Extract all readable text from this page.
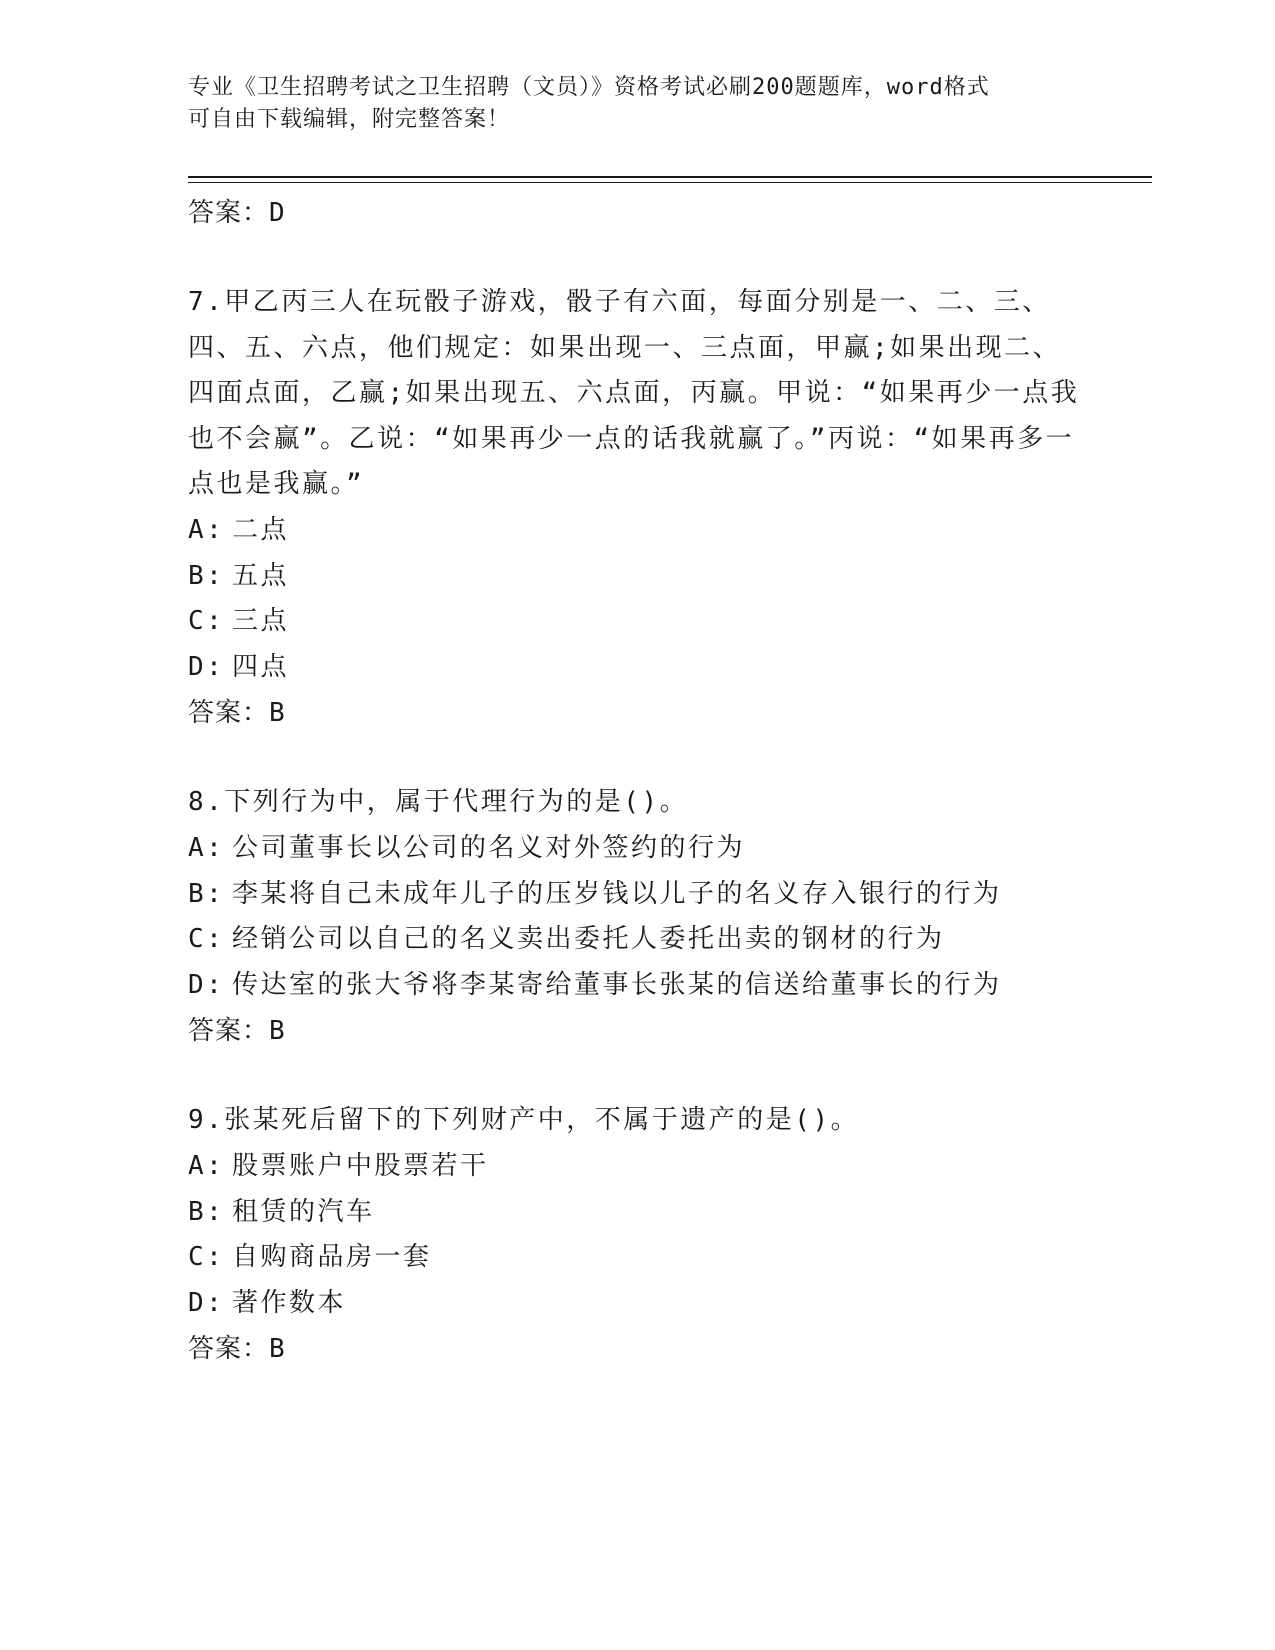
专业《卫生招聘考试之卫生招聘（文员）》资格考试必刷200题题库，word格式
可自由下载编辑，附完整答案！
答案：D
7.甲乙丙三人在玩骰子游戏，骰子有六面，每面分别是一、二、三、四、五、六点，他们规定：如果出现一、三点面，甲赢;如果出现二、四面点面，乙赢;如果出现五、六点面，丙赢。甲说：“如果再少一点我也不会赢”。乙说：“如果再少一点的话我就赢了。”丙说：“如果再多一点也是我赢。”
A: 二点
B: 五点
C: 三点
D: 四点
答案：B
8.下列行为中，属于代理行为的是()。
A: 公司董事长以公司的名义对外签约的行为
B: 李某将自己未成年儿子的压岁钱以儿子的名义存入银行的行为
C: 经销公司以自己的名义卖出委托人委托出卖的钢材的行为
D: 传达室的张大爷将李某寄给董事长张某的信送给董事长的行为
答案：B
9.张某死后留下的下列财产中，不属于遗产的是()。
A: 股票账户中股票若干
B: 租赁的汽车
C: 自购商品房一套
D: 著作数本
答案：B
